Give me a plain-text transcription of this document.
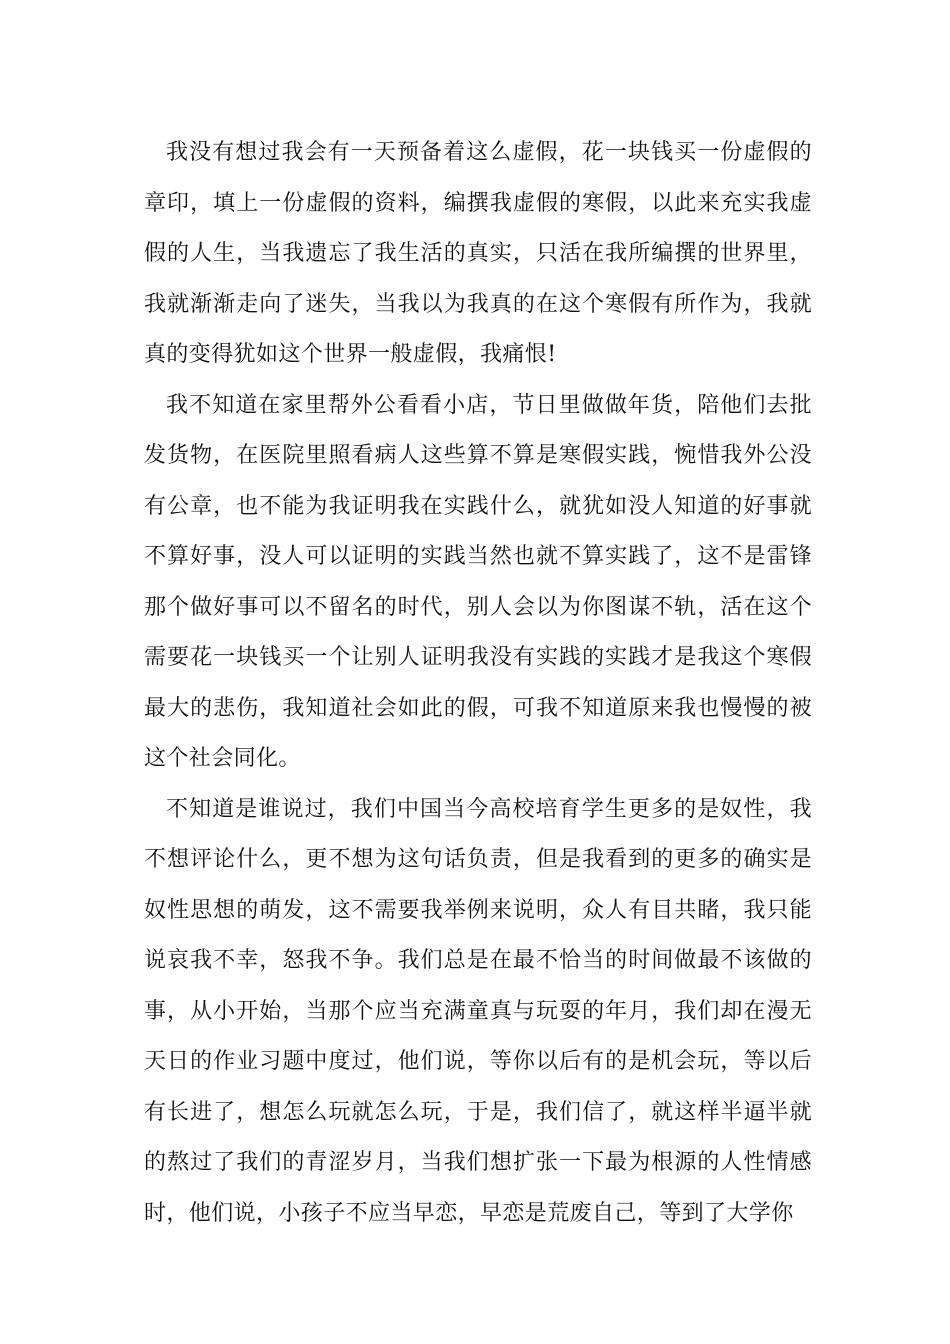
我没有想过我会有一天预备着这么虚假，花一块钱买一份虚假的章印，填上一份虚假的资料，编撰我虚假的寒假，以此来充实我虚假的人生，当我遗忘了我生活的真实，只活在我所编撰的世界里，我就渐渐走向了迷失，当我以为我真的在这个寒假有所作为，我就真的变得犹如这个世界一般虚假，我痛恨!

我不知道在家里帮外公看看小店，节日里做做年货，陪他们去批发货物，在医院里照看病人这些算不算是寒假实践，惋惜我外公没有公章，也不能为我证明我在实践什么，就犹如没人知道的好事就不算好事，没人可以证明的实践当然也就不算实践了，这不是雷锋那个做好事可以不留名的时代，别人会以为你图谋不轨，活在这个需要花一块钱买一个让别人证明我没有实践的实践才是我这个寒假最大的悲伤，我知道社会如此的假，可我不知道原来我也慢慢的被这个社会同化。

不知道是谁说过，我们中国当今高校培育学生更多的是奴性，我不想评论什么，更不想为这句话负责，但是我看到的更多的确实是奴性思想的萌发，这不需要我举例来说明，众人有目共睹，我只能说哀我不幸，怒我不争。我们总是在最不恰当的时间做最不该做的事，从小开始，当那个应当充满童真与玩耍的年月，我们却在漫无天日的作业习题中度过，他们说，等你以后有的是机会玩，等以后有长进了，想怎么玩就怎么玩，于是，我们信了，就这样半逼半就的熬过了我们的青涩岁月，当我们想扩张一下最为根源的人性情感时，他们说，小孩子不应当早恋，早恋是荒废自己，等到了大学你
